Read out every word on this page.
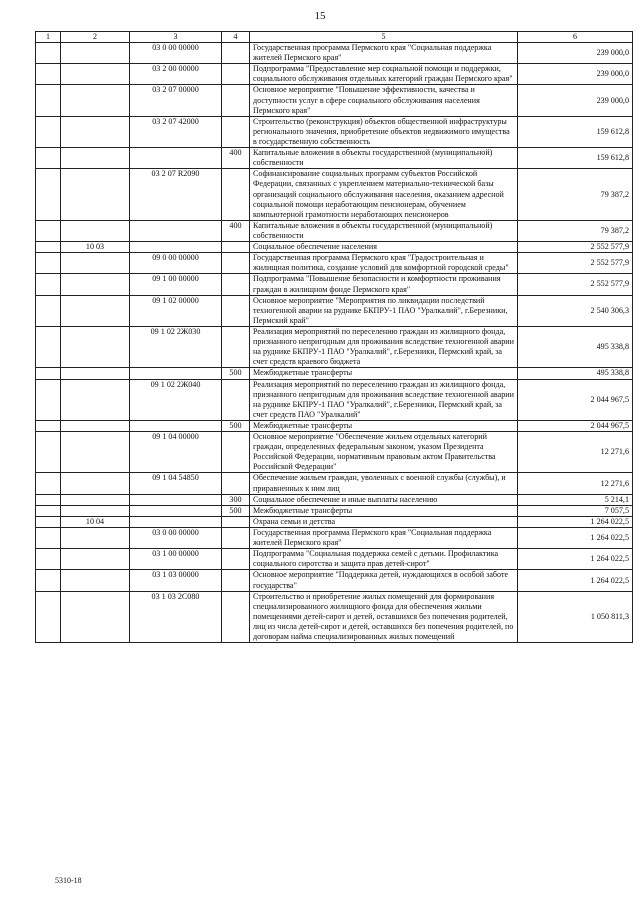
15
1	2	3	4	5	6
		03 0 00 00000		Государственная программа Пермского края "Социальная поддержка жителей Пермского края"	239 000,0
		03 2 00 00000		Подпрограмма "Предоставление мер социальной помощи и поддержки, социального обслуживания отдельных категорий граждан Пермского края"	239 000,0
		03 2 07 00000		Основное мероприятие "Повышение эффективности, качества и доступности услуг в сфере социального обслуживания населения Пермского края"	239 000,0
		03 2 07 42000		Строительство (реконструкция) объектов общественной инфраструктуры регионального значения, приобретение объектов недвижимого имущества в государственную собственность	159 612,8
			400	Капитальные вложения в объекты государственной (муниципальной) собственности	159 612,8
		03 2 07 R2090		Софинансирование социальных программ субъектов Российской Федерации, связанных с укреплением материально-технической базы организаций социального обслуживания населения, оказанием адресной социальной помощи неработающим пенсионерам, обучением компьютерной грамотности неработающих пенсионеров	79 387,2
			400	Капитальные вложения в объекты государственной (муниципальной) собственности	79 387,2
	10 03			Социальное обеспечение населения	2 552 577,9
		09 0 00 00000		Государственная программа Пермского края "Градостроительная и жилищная политика, создание условий для комфортной городской среды"	2 552 577,9
		09 1 00 00000		Подпрограмма "Повышение безопасности и комфортности проживания граждан в жилищном фонде Пермского края"	2 552 577,9
		09 1 02 00000		Основное мероприятие "Мероприятия по ликвидации последствий техногенной аварии на руднике БКПРУ-1 ПАО "Уралкалий", г.Березники, Пермский край"	2 540 306,3
		09 1 02 2Ж030		Реализация мероприятий по переселению граждан из жилищного фонда, признанного непригодным для проживания вследствие техногенной аварии на руднике БКПРУ-1 ПАО "Уралкалий", г.Березники, Пермский край, за счет средств краевого бюджета	495 338,8
			500	Межбюджетные трансферты	495 338,8
		09 1 02 2Ж040		Реализация мероприятий по переселению граждан из жилищного фонда, признанного непригодным для проживания вследствие техногенной аварии на руднике БКПРУ-1 ПАО "Уралкалий", г.Березники, Пермский край, за счет средств ПАО "Уралкалий"	2 044 967,5
			500	Межбюджетные трансферты	2 044 967,5
		09 1 04 00000		Основное мероприятие "Обеспечение жильем отдельных категорий граждан, определенных федеральным законом, указом Президента Российской Федерации, нормативным правовым актом Правительства Российской Федерации"	12 271,6
		09 1 04 54850		Обеспечение жильем граждан, уволенных с военной службы (службы), и приравненных к ним лиц	12 271,6
			300	Социальное обеспечение и иные выплаты населению	5 214,1
			500	Межбюджетные трансферты	7 057,5
	10 04			Охрана семьи и детства	1 264 022,5
		03 0 00 00000		Государственная программа Пермского края "Социальная поддержка жителей Пермского края"	1 264 022,5
		03 1 00 00000		Подпрограмма "Социальная поддержка семей с детьми. Профилактика социального сиротства и защита прав детей-сирот"	1 264 022,5
		03 1 03 00000		Основное мероприятие "Поддержка детей, нуждающихся в особой заботе государства"	1 264 022,5
		03 1 03 2С080		Строительство и приобретение жилых помещений для формирования специализированного жилищного фонда для обеспечения жильми помещениями детей-сирот и детей, оставшихся без попечения родителей, лиц из числа детей-сирот и детей, оставшихся без попечения родителей, по договорам найма специализированных жилых помещений	1 050 811,3
5310-18
